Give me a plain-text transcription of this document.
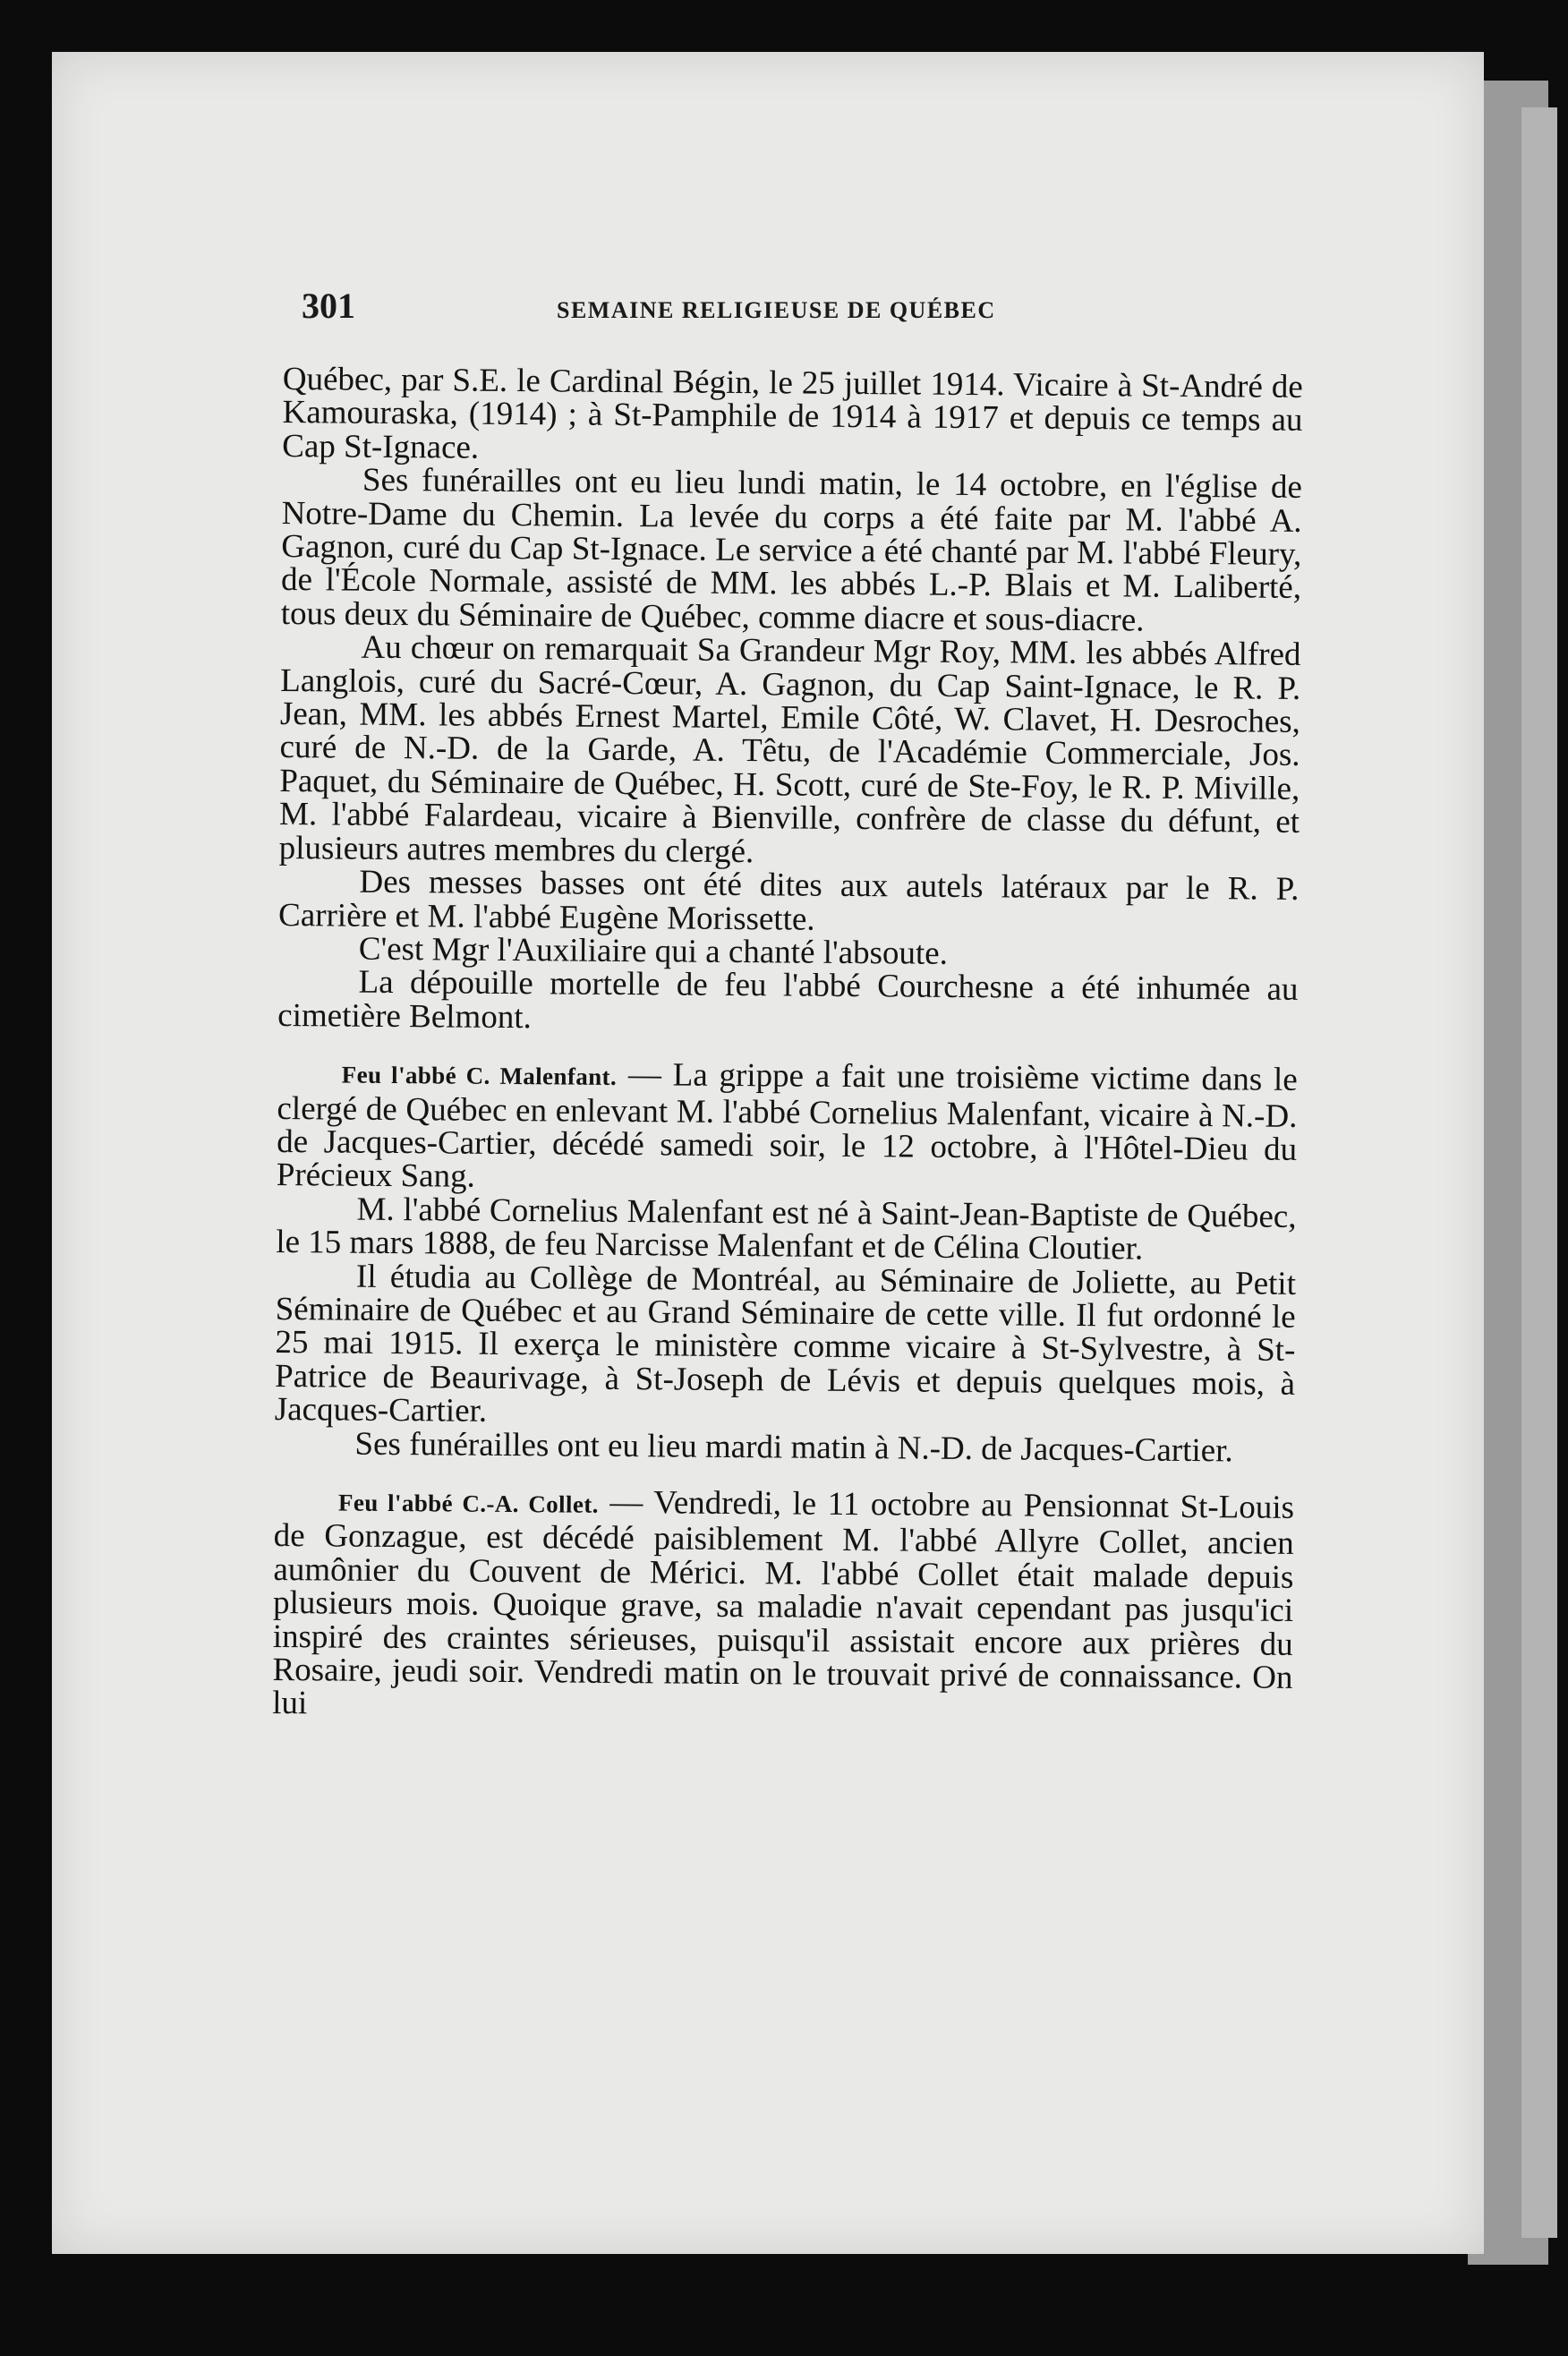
301	SEMAINE RELIGIEUSE DE QUÉBEC

Québec, par S.E. le Cardinal Bégin, le 25 juillet 1914. Vicaire à St-André de Kamouraska, (1914) ; à St-Pamphile de 1914 à 1917 et depuis ce temps au Cap St-Ignace.

Ses funérailles ont eu lieu lundi matin, le 14 octobre, en l'église de Notre-Dame du Chemin. La levée du corps a été faite par M. l'abbé A. Gagnon, curé du Cap St-Ignace. Le service a été chanté par M. l'abbé Fleury, de l'École Normale, assisté de MM. les abbés L.-P. Blais et M. Laliberté, tous deux du Séminaire de Québec, comme diacre et sous-diacre.

Au chœur on remarquait Sa Grandeur Mgr Roy, MM. les abbés Alfred Langlois, curé du Sacré-Cœur, A. Gagnon, du Cap Saint-Ignace, le R. P. Jean, MM. les abbés Ernest Martel, Emile Côté, W. Clavet, H. Desroches, curé de N.-D. de la Garde, A. Têtu, de l'Académie Commerciale, Jos. Paquet, du Séminaire de Québec, H. Scott, curé de Ste-Foy, le R. P. Miville, M. l'abbé Falardeau, vicaire à Bienville, confrère de classe du défunt, et plusieurs autres membres du clergé.

Des messes basses ont été dites aux autels latéraux par le R. P. Carrière et M. l'abbé Eugène Morissette.

C'est Mgr l'Auxiliaire qui a chanté l'absoute.

La dépouille mortelle de feu l'abbé Courchesne a été inhumée au cimetière Belmont.

Feu l'abbé C. Malenfant. — La grippe a fait une troisième victime dans le clergé de Québec en enlevant M. l'abbé Cornelius Malenfant, vicaire à N.-D. de Jacques-Cartier, décédé samedi soir, le 12 octobre, à l'Hôtel-Dieu du Précieux Sang.

M. l'abbé Cornelius Malenfant est né à Saint-Jean-Baptiste de Québec, le 15 mars 1888, de feu Narcisse Malenfant et de Célina Cloutier.

Il étudia au Collège de Montréal, au Séminaire de Joliette, au Petit Séminaire de Québec et au Grand Séminaire de cette ville. Il fut ordonné le 25 mai 1915. Il exerça le ministère comme vicaire à St-Sylvestre, à St-Patrice de Beaurivage, à St-Joseph de Lévis et depuis quelques mois, à Jacques-Cartier.

Ses funérailles ont eu lieu mardi matin à N.-D. de Jacques-Cartier.

Feu l'abbé C.-A. Collet. — Vendredi, le 11 octobre au Pensionnat St-Louis de Gonzague, est décédé paisiblement M. l'abbé Allyre Collet, ancien aumônier du Couvent de Mérici. M. l'abbé Collet était malade depuis plusieurs mois. Quoique grave, sa maladie n'avait cependant pas jusqu'ici inspiré des craintes sérieuses, puisqu'il assistait encore aux prières du Rosaire, jeudi soir. Vendredi matin on le trouvait privé de connaissance. On lui
